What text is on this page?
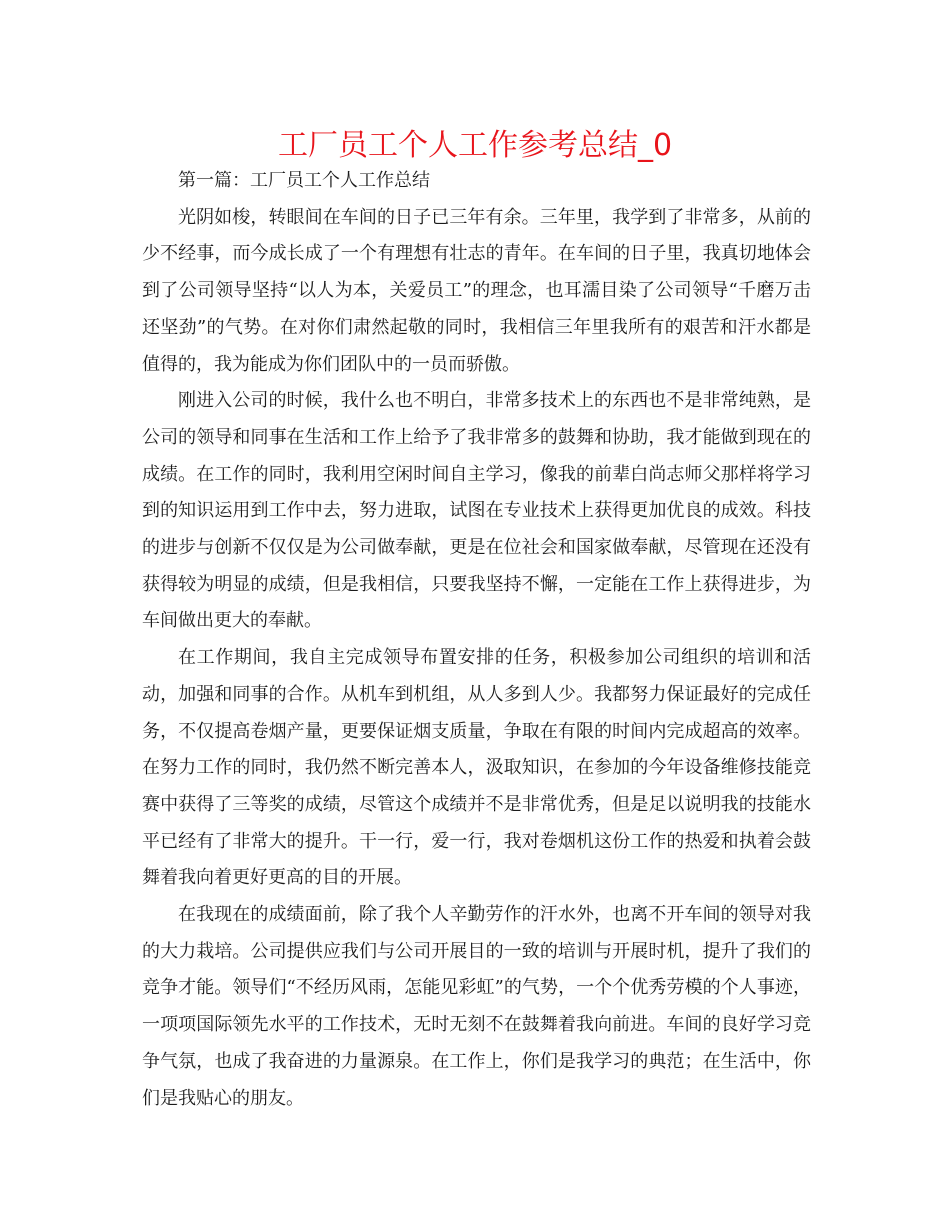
工厂员工个人工作参考总结_0

第一篇：工厂员工个人工作总结

光阴如梭，转眼间在车间的日子已三年有余。三年里，我学到了非常多，从前的少不经事，而今成长成了一个有理想有壮志的青年。在车间的日子里，我真切地体会到了公司领导坚持“以人为本，关爱员工”的理念，也耳濡目染了公司领导“千磨万击还坚劲”的气势。在对你们肃然起敬的同时，我相信三年里我所有的艰苦和汗水都是值得的，我为能成为你们团队中的一员而骄傲。

刚进入公司的时候，我什么也不明白，非常多技术上的东西也不是非常纯熟，是公司的领导和同事在生活和工作上给予了我非常多的鼓舞和协助，我才能做到现在的成绩。在工作的同时，我利用空闲时间自主学习，像我的前辈白尚志师父那样将学习到的知识运用到工作中去，努力进取，试图在专业技术上获得更加优良的成效。科技的进步与创新不仅仅是为公司做奉献，更是在位社会和国家做奉献，尽管现在还没有获得较为明显的成绩，但是我相信，只要我坚持不懈，一定能在工作上获得进步，为车间做出更大的奉献。

在工作期间，我自主完成领导布置安排的任务，积极参加公司组织的培训和活动，加强和同事的合作。从机车到机组，从人多到人少。我都努力保证最好的完成任务，不仅提高卷烟产量，更要保证烟支质量，争取在有限的时间内完成超高的效率。在努力工作的同时，我仍然不断完善本人，汲取知识，在参加的今年设备维修技能竞赛中获得了三等奖的成绩，尽管这个成绩并不是非常优秀，但是足以说明我的技能水平已经有了非常大的提升。干一行，爱一行，我对卷烟机这份工作的热爱和执着会鼓舞着我向着更好更高的目的开展。

在我现在的成绩面前，除了我个人辛勤劳作的汗水外，也离不开车间的领导对我的大力栽培。公司提供应我们与公司开展目的一致的培训与开展时机，提升了我们的竞争才能。领导们“不经历风雨，怎能见彩虹”的气势，一个个优秀劳模的个人事迹，一项项国际领先水平的工作技术，无时无刻不在鼓舞着我向前进。车间的良好学习竞争气氛，也成了我奋进的力量源泉。在工作上，你们是我学习的典范；在生活中，你们是我贴心的朋友。
